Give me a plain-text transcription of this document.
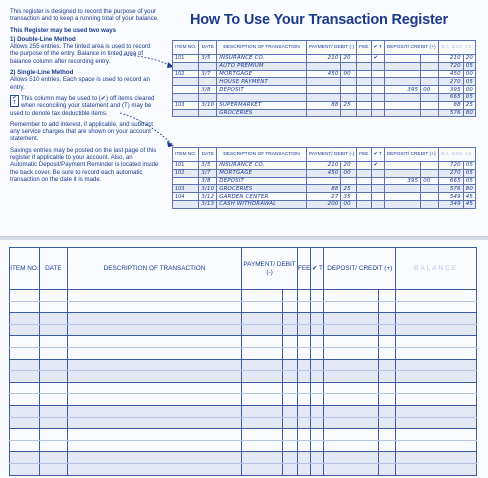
This register is designed to record the purpose of your transaction and to keep a running total of your balance.

This Register may be used two ways

1) Double-Line Method

Allows 255 entries. The tinted area is used to record the purpose of the entry. Balance in tinted area of balance column after recording entry.

2) Single-Line Method

Allows 510 entries. Each space is used to record an entry.

✔
T
This column may be used to (✔) off items cleared when reconciling your statement and (T) may be used to denote tax deductible items.

Remember to add interest, if applicable, and subtract any service charges that are shown on your account statement.

Savings entries may be posted on the last page of this register if applicable to your account. Also, an Automatic Deposit/Payment Reminder is located inside the back cover. Be sure to record each automatic transaction on the date it is made.

How To Use Your Transaction Register
ITEM NO.	DATE	DESCRIPTION OF TRANSACTION	PAYMENT/ DEBIT (-)		FEE	✔ T	DEPOSIT/ CREDIT (+)		BA 880 35	
101	3/5	INSURANCE CO.	210	20		✔			210	20
		AUTO PREMIUM							720	05
102	3/7	MORTGAGE	450	00					450	00
		HOUSE PAYMENT							270	05
	3/8	DEPOSIT					395	00	395	00
									665	05
103	3/10	SUPERMARKET	88	25					88	25
		GROCERIES							576	80
ITEM NO.	DATE	DESCRIPTION OF TRANSACTION	PAYMENT/ DEBIT (-)		FEE	✔ T	DEPOSIT/ CREDIT (+)		BA 880 35	
101	3/5	INSURANCE CO.	210	20		✔			720	05
102	3/7	MORTGAGE	450	00					270	05
	3/8	DEPOSIT					395	00	665	05
103	3/10	GROCERIES	88	25					576	80
104	3/12	GARDEN CENTER	27	35					549	45
	3/13	CASH WITHDRAWAL	200	00					349	45
ITEM NO.	DATE	DESCRIPTION OF TRANSACTION	PAYMENT/ DEBIT (-)		FEE	✔ T	DEPOSIT/ CREDIT (+)		BALANCE
